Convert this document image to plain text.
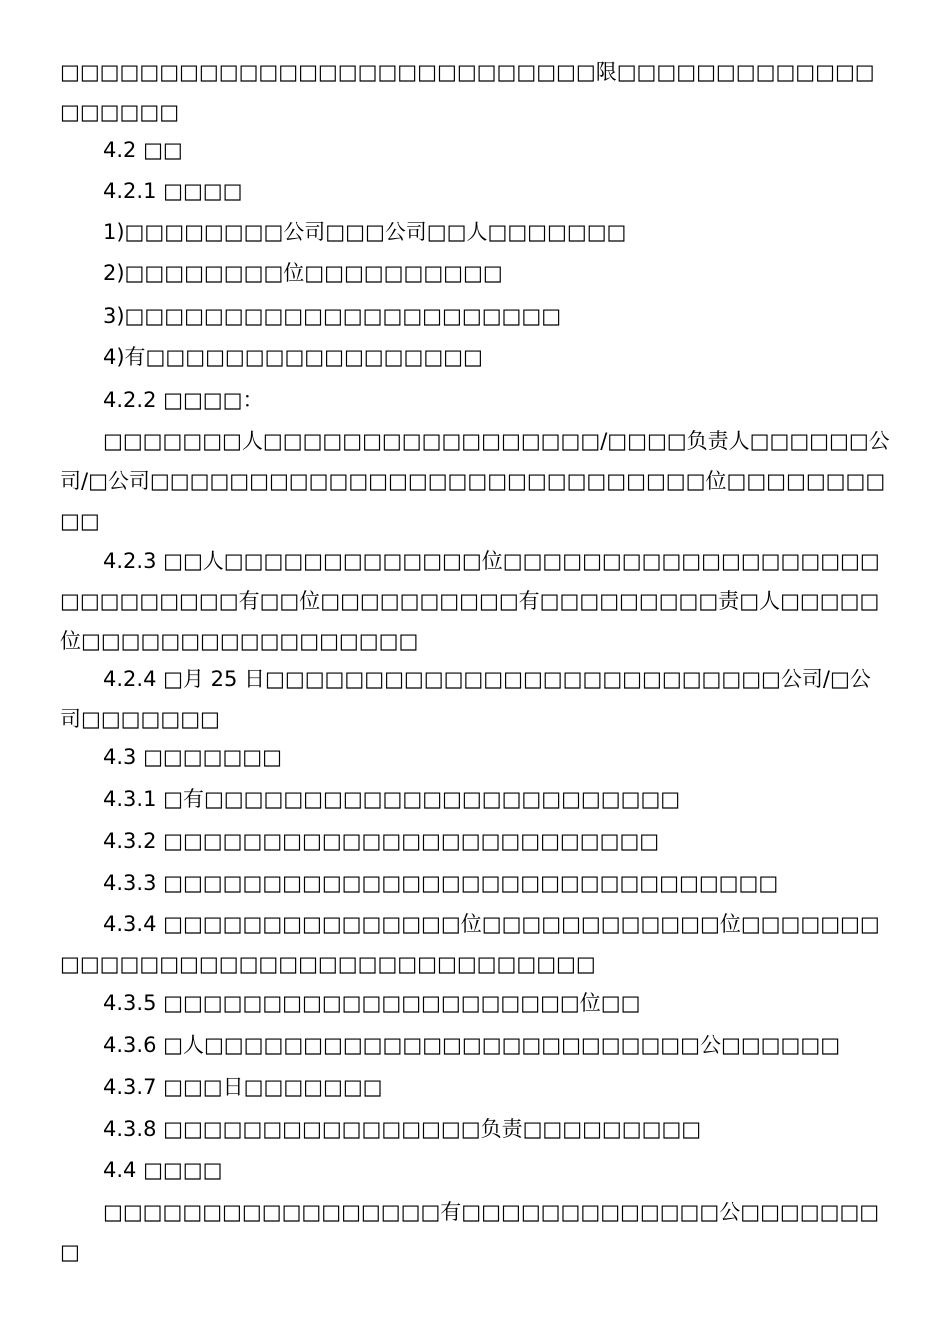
□□□□□□□□□□□□□□□□□□□□□□□□□□□限□□□□□□□□□□□□□□□□□□□

4.2 □□

4.2.1 □□□□

1)□□□□□□□□公司□□□公司□□人□□□□□□□

2)□□□□□□□□位□□□□□□□□□□

3)□□□□□□□□□□□□□□□□□□□□□□

4)有□□□□□□□□□□□□□□□□□

4.2.2 □□□□：

□□□□□□□人□□□□□□□□□□□□□□□□□/□□□□负责人□□□□□□公司/□公司□□□□□□□□□□□□□□□□□□□□□□□□□□□□位□□□□□□□□□□

4.2.3 □□人□□□□□□□□□□□□□位□□□□□□□□□□□□□□□□□□□□□□□□□□□□有□□位□□□□□□□□□□有□□□□□□□□□责□人□□□□□位□□□□□□□□□□□□□□□□□

4.2.4 □月 25 日□□□□□□□□□□□□□□□□□□□□□□□□□□公司/□公司□□□□□□□

4.3 □□□□□□□

4.3.1 □有□□□□□□□□□□□□□□□□□□□□□□□□

4.3.2 □□□□□□□□□□□□□□□□□□□□□□□□□

4.3.3 □□□□□□□□□□□□□□□□□□□□□□□□□□□□□□□

4.3.4 □□□□□□□□□□□□□□□位□□□□□□□□□□□□位□□□□□□□□□□□□□□□□□□□□□□□□□□□□□□□□□□

4.3.5 □□□□□□□□□□□□□□□□□□□□□位□□

4.3.6 □人□□□□□□□□□□□□□□□□□□□□□□□□□公□□□□□□

4.3.7 □□□日□□□□□□□

4.3.8 □□□□□□□□□□□□□□□□负责□□□□□□□□□

4.4 □□□□

□□□□□□□□□□□□□□□□□有□□□□□□□□□□□□□公□□□□□□□□
